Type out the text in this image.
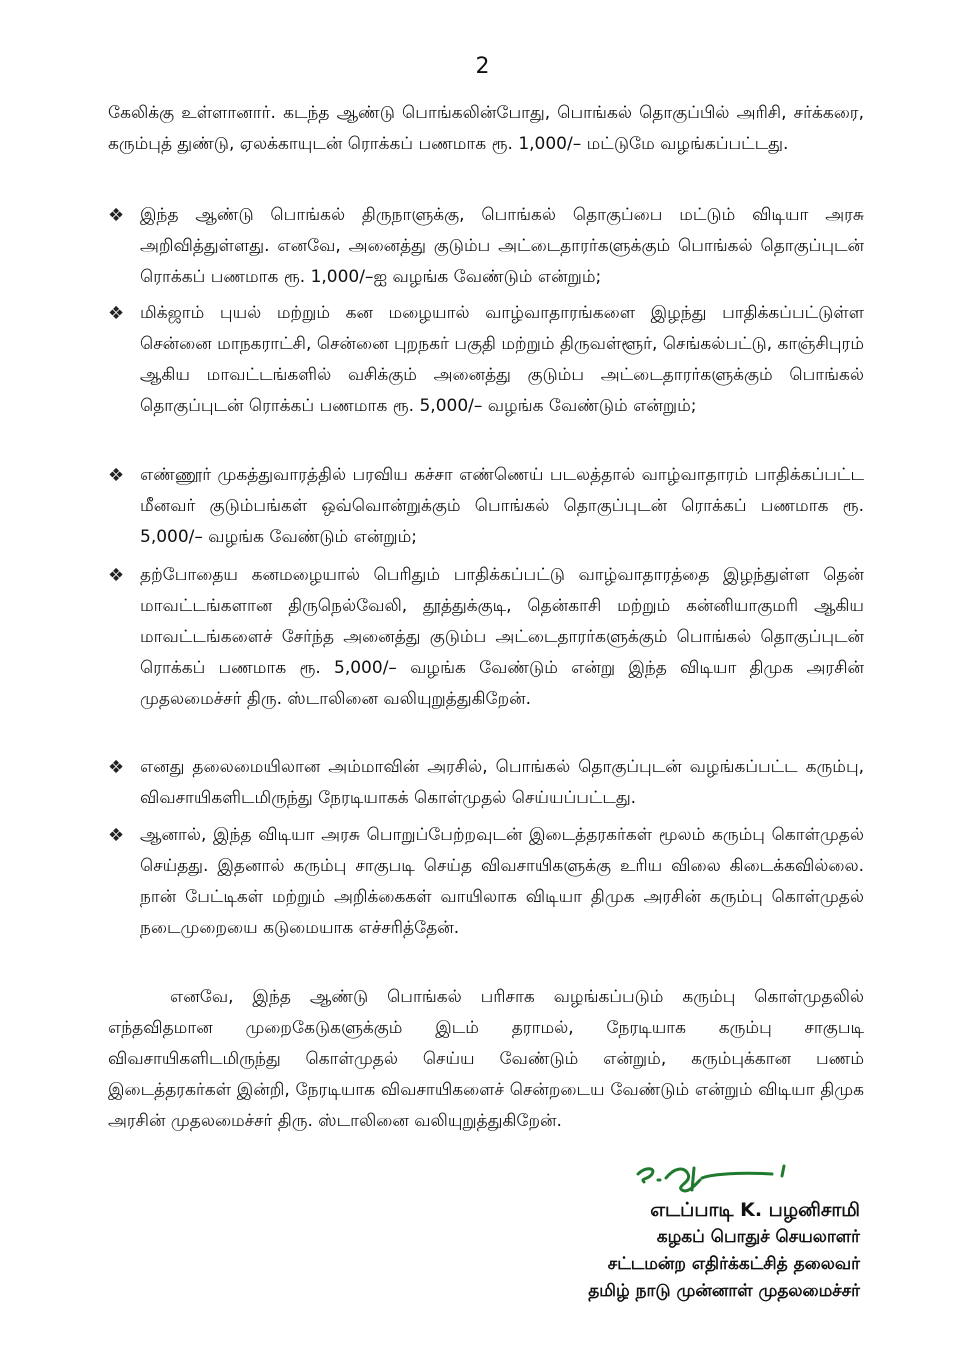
2

கேலிக்கு உள்ளானார். கடந்த ஆண்டு பொங்கலின்போது, பொங்கல் தொகுப்பில் அரிசி, சர்க்கரை, கரும்புத் துண்டு, ஏலக்காயுடன் ரொக்கப் பணமாக ரூ. 1,000/– மட்டுமே வழங்கப்பட்டது.

❖ இந்த ஆண்டு பொங்கல் திருநாளுக்கு, பொங்கல் தொகுப்பை மட்டும் விடியா அரசு அறிவித்துள்ளது. எனவே, அனைத்து குடும்ப அட்டைதாரர்களுக்கும் பொங்கல் தொகுப்புடன் ரொக்கப் பணமாக ரூ. 1,000/–ஐ வழங்க வேண்டும் என்றும்;

❖ மிக்ஜாம் புயல் மற்றும் கன மழையால் வாழ்வாதாரங்களை இழந்து பாதிக்கப்பட்டுள்ள சென்னை மாநகராட்சி, சென்னை புறநகர் பகுதி மற்றும் திருவள்ளூர், செங்கல்பட்டு, காஞ்சிபுரம் ஆகிய மாவட்டங்களில் வசிக்கும் அனைத்து குடும்ப அட்டைதாரர்களுக்கும் பொங்கல் தொகுப்புடன் ரொக்கப் பணமாக ரூ. 5,000/– வழங்க வேண்டும் என்றும்;

❖ எண்ணூர் முகத்துவாரத்தில் பரவிய கச்சா எண்ணெய் படலத்தால் வாழ்வாதாரம் பாதிக்கப்பட்ட மீனவர் குடும்பங்கள் ஒவ்வொன்றுக்கும் பொங்கல் தொகுப்புடன் ரொக்கப் பணமாக ரூ. 5,000/– வழங்க வேண்டும் என்றும்;

❖ தற்போதைய கனமழையால் பெரிதும் பாதிக்கப்பட்டு வாழ்வாதாரத்தை இழந்துள்ள தென் மாவட்டங்களான திருநெல்வேலி, தூத்துக்குடி, தென்காசி மற்றும் கன்னியாகுமரி ஆகிய மாவட்டங்களைச் சேர்ந்த அனைத்து குடும்ப அட்டைதாரர்களுக்கும் பொங்கல் தொகுப்புடன் ரொக்கப் பணமாக ரூ. 5,000/– வழங்க வேண்டும் என்று இந்த விடியா திமுக அரசின் முதலமைச்சர் திரு. ஸ்டாலினை வலியுறுத்துகிறேன்.

❖ எனது தலைமையிலான அம்மாவின் அரசில், பொங்கல் தொகுப்புடன் வழங்கப்பட்ட கரும்பு, விவசாயிகளிடமிருந்து நேரடியாகக் கொள்முதல் செய்யப்பட்டது.

❖ ஆனால், இந்த விடியா அரசு பொறுப்பேற்றவுடன் இடைத்தரகர்கள் மூலம் கரும்பு கொள்முதல் செய்தது. இதனால் கரும்பு சாகுபடி செய்த விவசாயிகளுக்கு உரிய விலை கிடைக்கவில்லை. நான் பேட்டிகள் மற்றும் அறிக்கைகள் வாயிலாக விடியா திமுக அரசின் கரும்பு கொள்முதல் நடைமுறையை கடுமையாக எச்சரித்தேன்.

எனவே, இந்த ஆண்டு பொங்கல் பரிசாக வழங்கப்படும் கரும்பு கொள்முதலில் எந்தவிதமான முறைகேடுகளுக்கும் இடம் தராமல், நேரடியாக கரும்பு சாகுபடி விவசாயிகளிடமிருந்து கொள்முதல் செய்ய வேண்டும் என்றும், கரும்புக்கான பணம் இடைத்தரகர்கள் இன்றி, நேரடியாக விவசாயிகளைச் சென்றடைய வேண்டும் என்றும் விடியா திமுக அரசின் முதலமைச்சர் திரு. ஸ்டாலினை வலியுறுத்துகிறேன்.

எடப்பாடி K. பழனிசாமி
கழகப் பொதுச் செயலாளர்
சட்டமன்ற எதிர்க்கட்சித் தலைவர்
தமிழ் நாடு முன்னாள் முதலமைச்சர்
